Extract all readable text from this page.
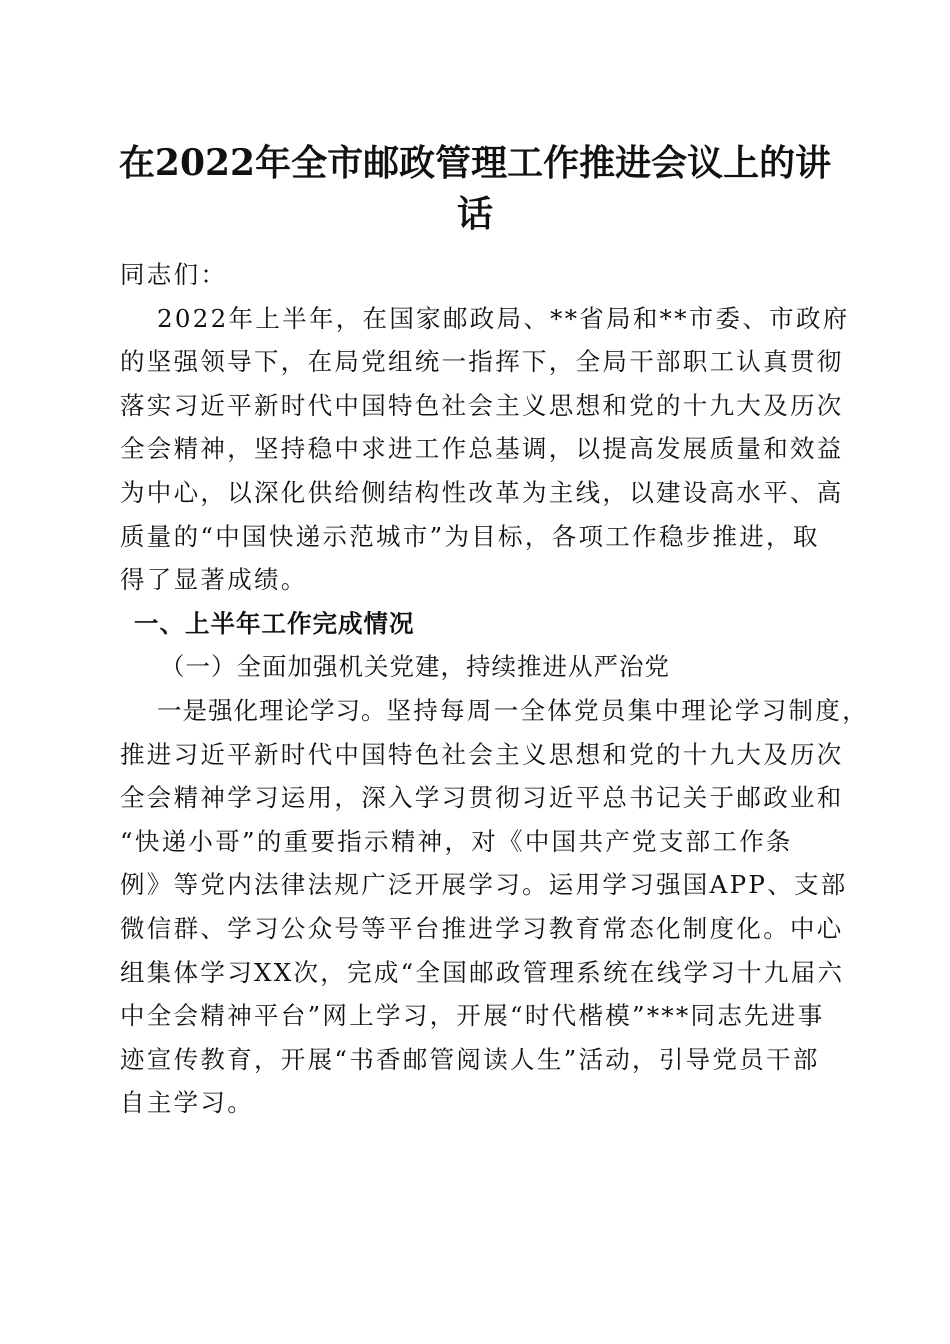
在2022年全市邮政管理工作推进会议上的讲
话

同志们：

2022年上半年，在国家邮政局、**省局和**市委、市政府
的坚强领导下，在局党组统一指挥下，全局干部职工认真贯彻
落实习近平新时代中国特色社会主义思想和党的十九大及历次
全会精神，坚持稳中求进工作总基调，以提高发展质量和效益
为中心，以深化供给侧结构性改革为主线，以建设高水平、高
质量的“中国快递示范城市”为目标，各项工作稳步推进，取
得了显著成绩。

一、上半年工作完成情况

（一）全面加强机关党建，持续推进从严治党

一是强化理论学习。坚持每周一全体党员集中理论学习制度，
推进习近平新时代中国特色社会主义思想和党的十九大及历次
全会精神学习运用，深入学习贯彻习近平总书记关于邮政业和
“快递小哥”的重要指示精神，对《中国共产党支部工作条
例》等党内法律法规广泛开展学习。运用学习强国APP、支部
微信群、学习公众号等平台推进学习教育常态化制度化。中心
组集体学习XX次，完成“全国邮政管理系统在线学习十九届六
中全会精神平台”网上学习，开展“时代楷模”***同志先进事
迹宣传教育，开展“书香邮管阅读人生”活动，引导党员干部
自主学习。
